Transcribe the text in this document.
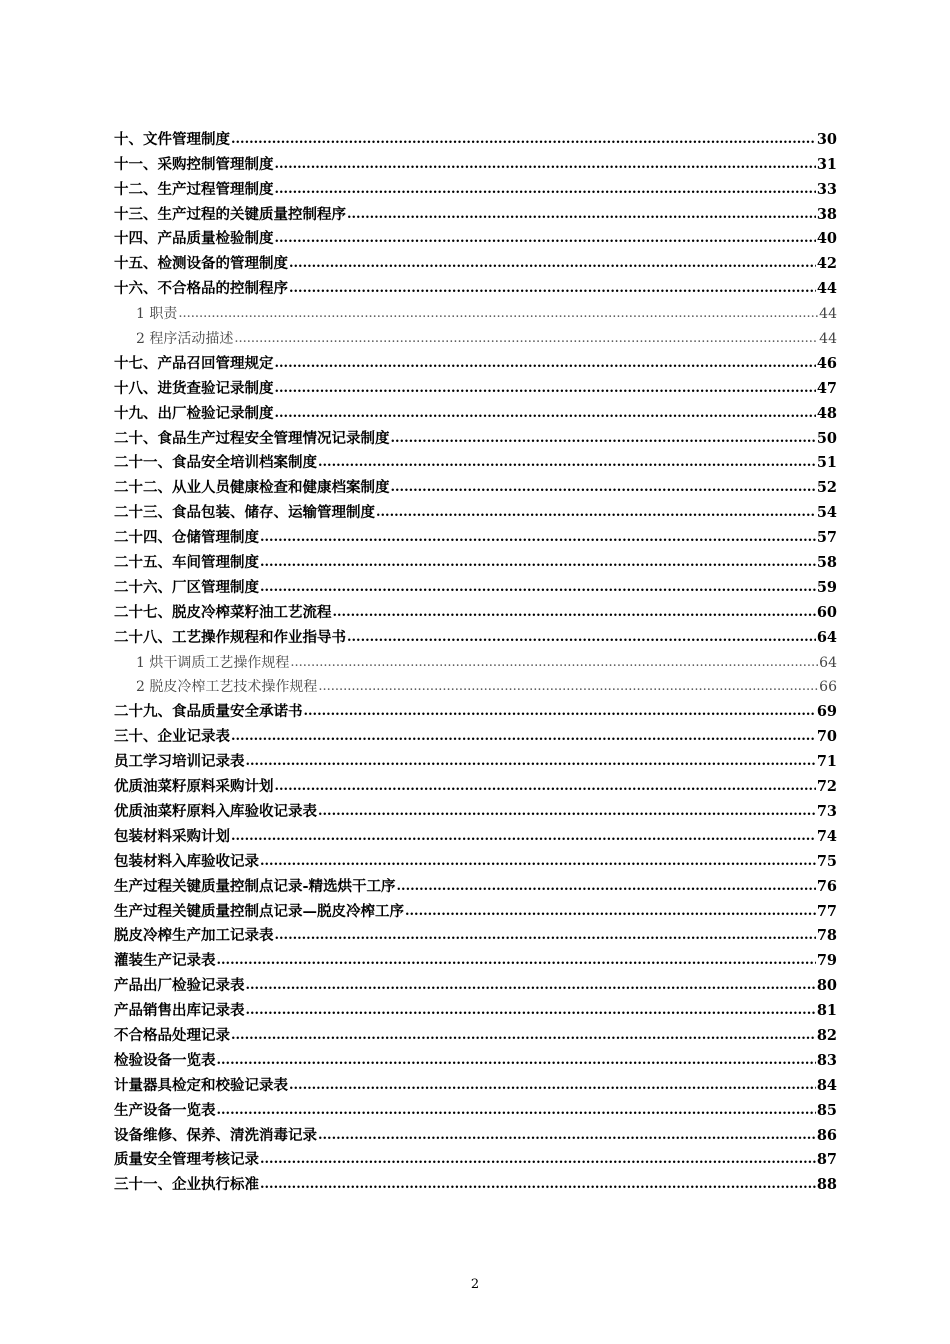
十、文件管理制度 .....	30
十一、采购控制管理制度 .....	31
十二、生产过程管理制度 .....	33
十三、生产过程的关键质量控制程序 .....	38
十四、产品质量检验制度 .....	40
十五、检测设备的管理制度 .....	42
十六、不合格品的控制程序 .....	44
1 职责 .....	44
2 程序活动描述 .....	44
十七、产品召回管理规定 .....	46
十八、进货查验记录制度 .....	47
十九、出厂检验记录制度 .....	48
二十、食品生产过程安全管理情况记录制度 .....	50
二十一、食品安全培训档案制度 .....	51
二十二、从业人员健康检查和健康档案制度 .....	52
二十三、食品包装、储存、运输管理制度 .....	54
二十四、仓储管理制度 .....	57
二十五、车间管理制度 .....	58
二十六、厂区管理制度 .....	59
二十七、脱皮冷榨菜籽油工艺流程 .....	60
二十八、工艺操作规程和作业指导书 .....	64
1 烘干调质工艺操作规程 .....	64
2 脱皮冷榨工艺技术操作规程 .....	66
二十九、食品质量安全承诺书 .....	69
三十、企业记录表 .....	70
员工学习培训记录表 .....	71
优质油菜籽原料采购计划 .....	72
优质油菜籽原料入库验收记录表 .....	73
包装材料采购计划 .....	74
包装材料入库验收记录 .....	75
生产过程关键质量控制点记录-精选烘干工序 .....	76
生产过程关键质量控制点记录—脱皮冷榨工序 .....	77
脱皮冷榨生产加工记录表 .....	78
灌装生产记录表 .....	79
产品出厂检验记录表 .....	80
产品销售出库记录表 .....	81
不合格品处理记录 .....	82
检验设备一览表 .....	83
计量器具检定和校验记录表 .....	84
生产设备一览表 .....	85
设备维修、保养、清洗消毒记录 .....	86
质量安全管理考核记录 .....	87
三十一、企业执行标准 .....	88
2
